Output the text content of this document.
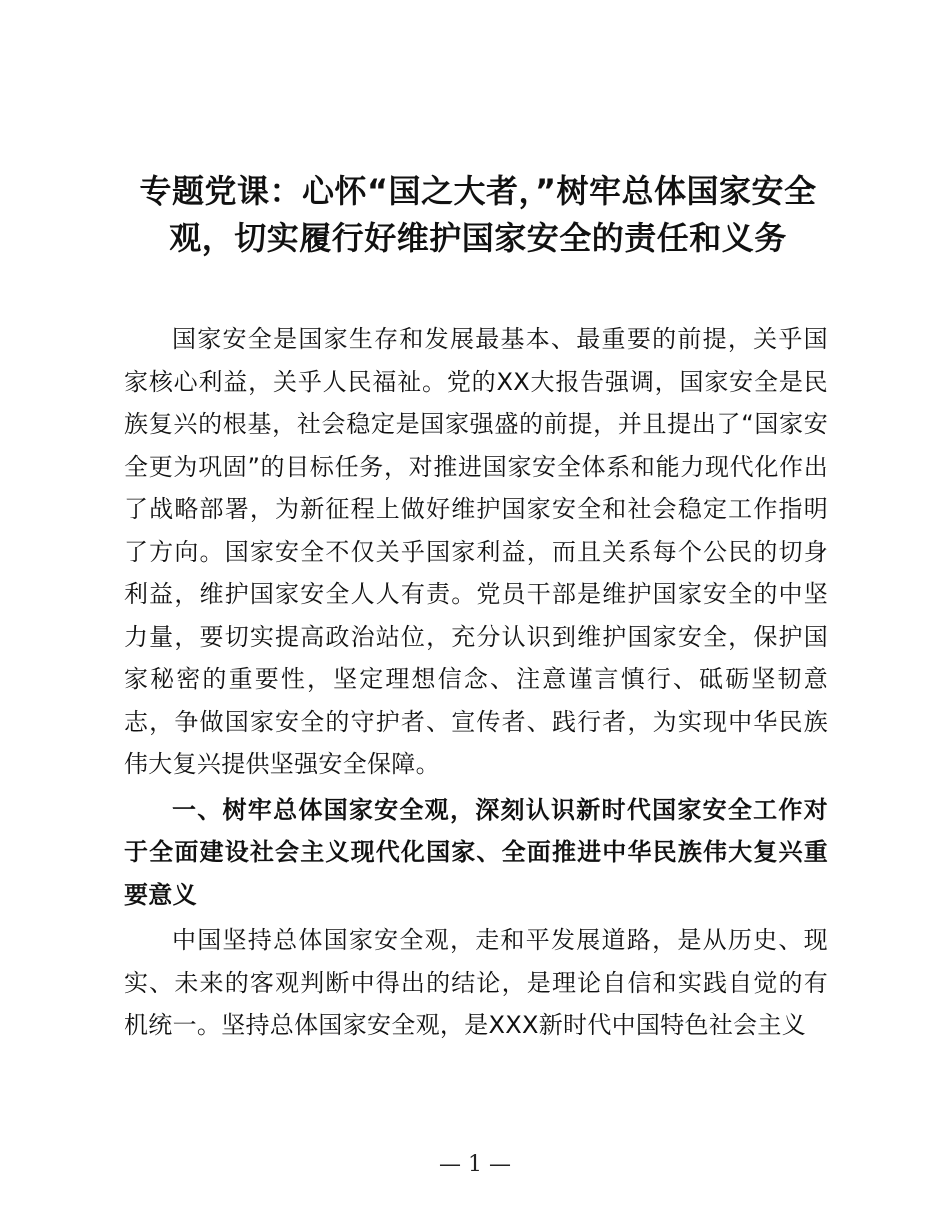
专题党课：心怀“国之大者，”树牢总体国家安全观，切实履行好维护国家安全的责任和义务

国家安全是国家生存和发展最基本、最重要的前提，关乎国家核心利益，关乎人民福祉。党的XX大报告强调，国家安全是民族复兴的根基，社会稳定是国家强盛的前提，并且提出了“国家安全更为巩固”的目标任务，对推进国家安全体系和能力现代化作出了战略部署，为新征程上做好维护国家安全和社会稳定工作指明了方向。国家安全不仅关乎国家利益，而且关系每个公民的切身利益，维护国家安全人人有责。党员干部是维护国家安全的中坚力量，要切实提高政治站位，充分认识到维护国家安全，保护国家秘密的重要性，坚定理想信念、注意谨言慎行、砥砺坚韧意志，争做国家安全的守护者、宣传者、践行者，为实现中华民族伟大复兴提供坚强安全保障。

一、树牢总体国家安全观，深刻认识新时代国家安全工作对于全面建设社会主义现代化国家、全面推进中华民族伟大复兴重要意义

中国坚持总体国家安全观，走和平发展道路，是从历史、现实、未来的客观判断中得出的结论，是理论自信和实践自觉的有机统一。坚持总体国家安全观，是XXX新时代中国特色社会主义

— 1 —
